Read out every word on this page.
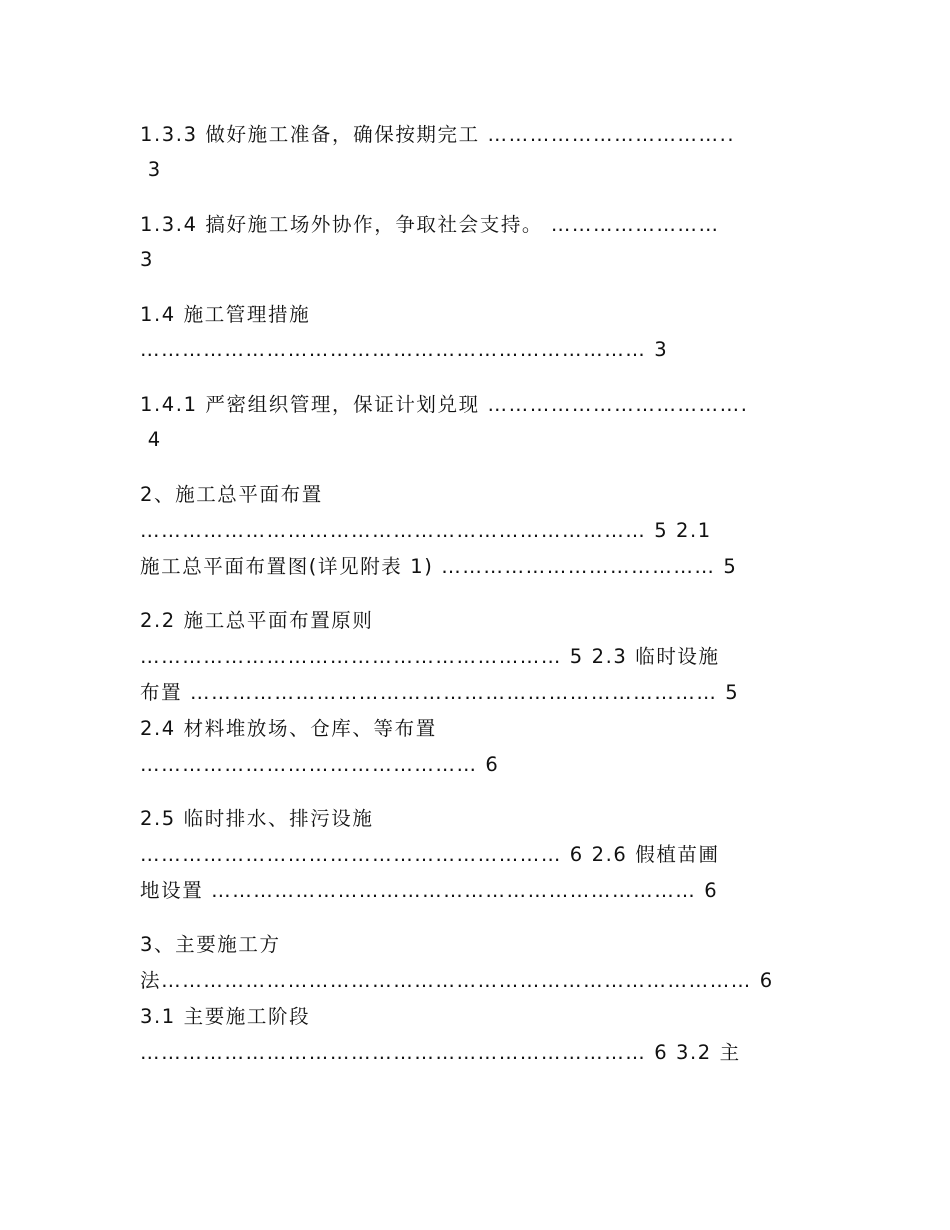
1.3.3 做好施工准备，确保按期完工 ……………………………..

3

1.3.4 搞好施工场外协作，争取社会支持。 ……………………

3

1.4 施工管理措施

……………………………………………………………… 3

1.4.1 严密组织管理，保证计划兑现 ……………………………….

4

2、施工总平面布置

……………………………………………………………… 5 2.1

施工总平面布置图(详见附表 1) ………………………………… 5

2.2 施工总平面布置原则

…………………………………………………… 5 2.3 临时设施

布置 ………………………………………………………………… 5

2.4 材料堆放场、仓库、等布置

………………………………………… 6

2.5 临时排水、排污设施

…………………………………………………… 6 2.6 假植苗圃

地设置 …………………………………………………………… 6

3、主要施工方

法………………………………………………………………………… 6

3.1 主要施工阶段

……………………………………………………………… 6 3.2 主
